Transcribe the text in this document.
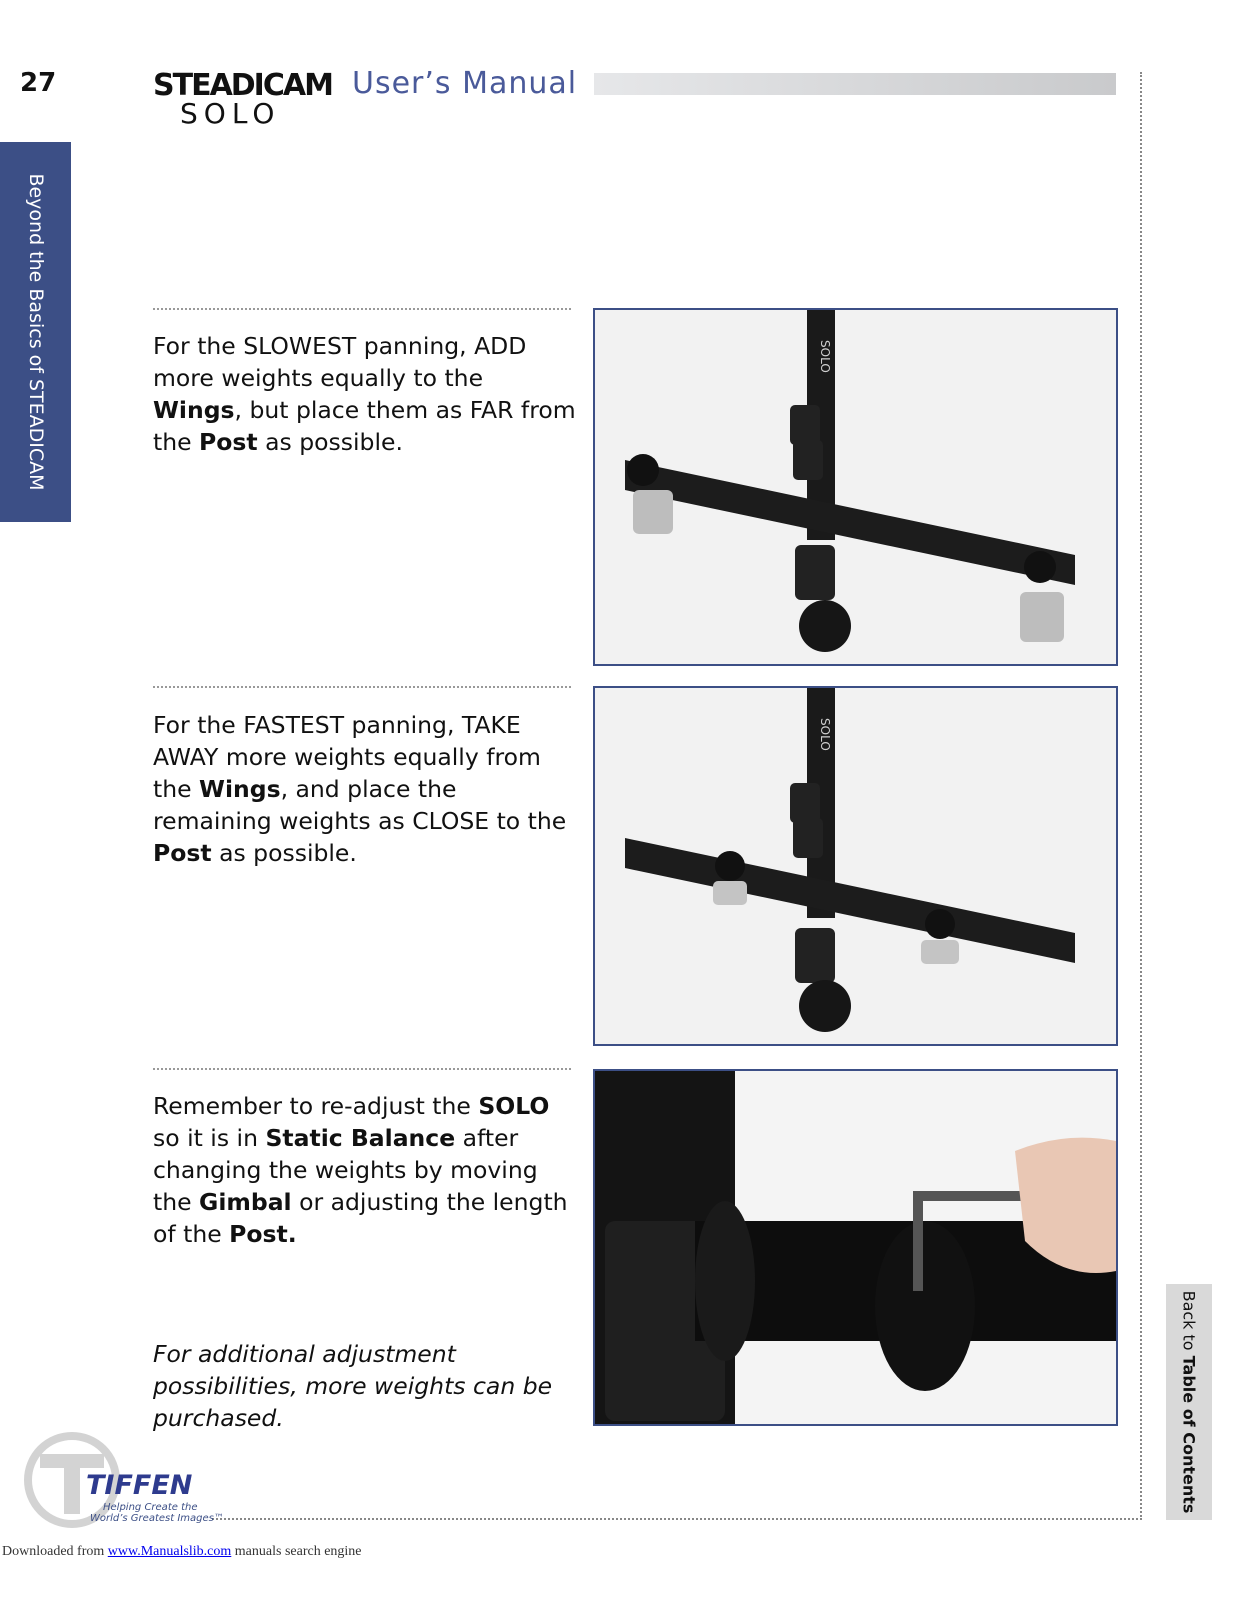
27	STEADICAM
SOLO
User’s Manual
Beyond the Basics of STEADICAM	For the SLOWEST panning, ADD more weights equally to the Wings, but place them as FAR from the Post as possible.
SOLO
For the FASTEST panning, TAKE AWAY more weights equally from the Wings, and place the remaining weights as CLOSE to the Post as possible.
SOLO
Remember to re-adjust the SOLO so it is in Static Balance after changing the weights by moving the Gimbal or adjusting the length of the Post.
For additional adjustment possibilities, more weights can be purchased.
Back to Table of Contents
TIFFEN
Helping Create the
World’s Greatest Images™
Downloaded from www.Manualslib.com manuals search engine
